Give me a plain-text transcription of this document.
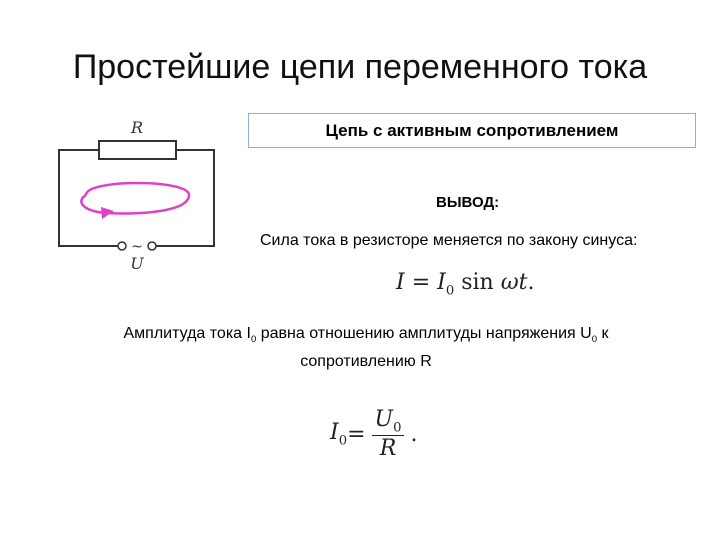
Простейшие цепи переменного тока
R
~
U
Цепь с активным сопротивлением
ВЫВОД:
Сила тока в резисторе меняется по закону синуса:
$I = I_0$ sin ωt.
Амплитуда тока $I_0$ равна отношению амплитуды напряжения $U_0$ к сопротивлению R
$I_0 = \frac{U_0}{R}$ .
